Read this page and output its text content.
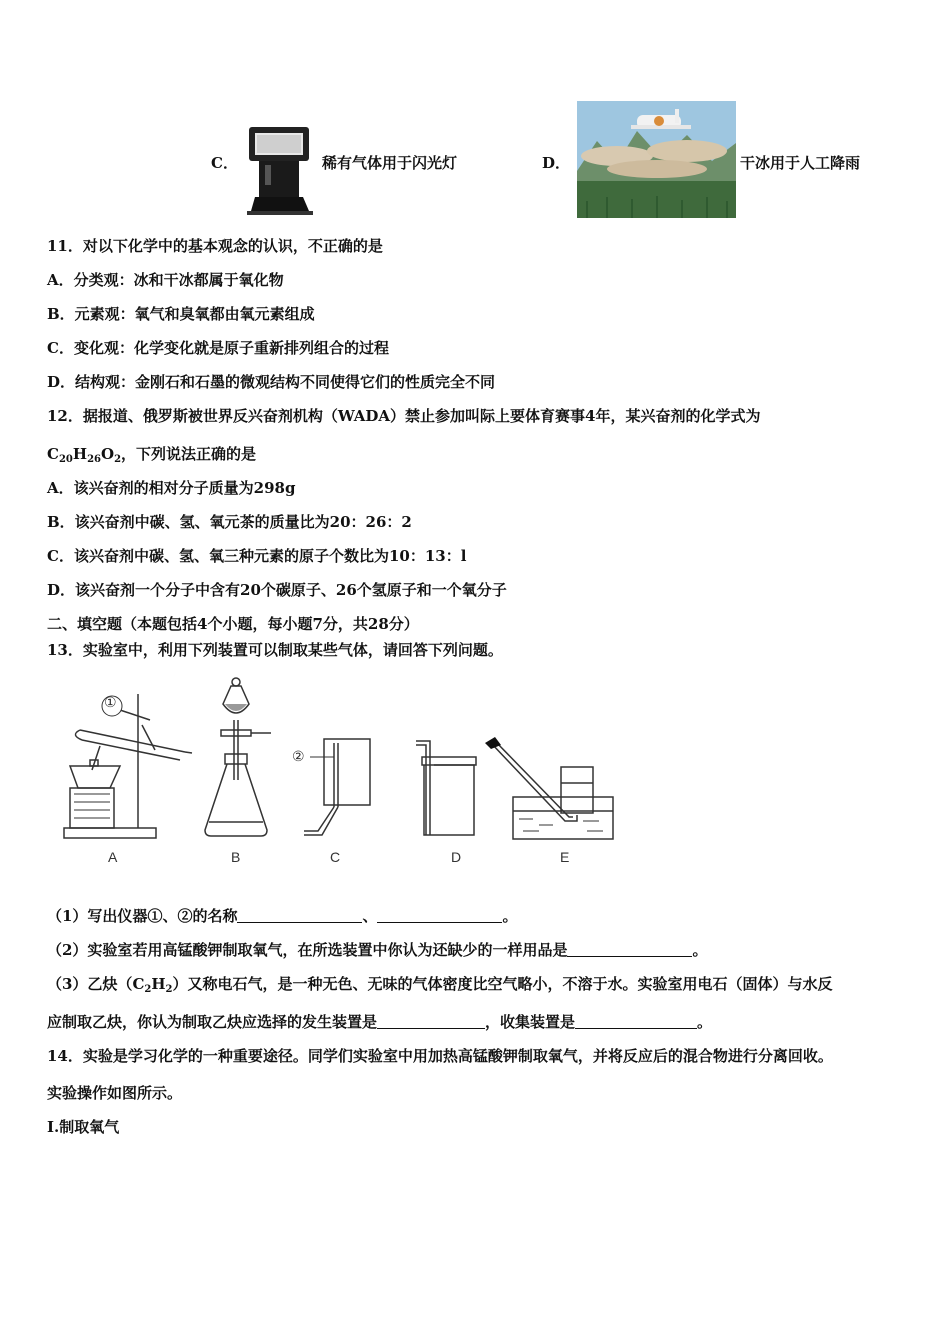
C．	稀有气体用于闪光灯	D．	干冰用于人工降雨
11．对以下化学中的基本观念的认识，不正确的是
A．分类观：冰和干冰都属于氧化物
B．元素观：氧气和臭氧都由氧元素组成
C．变化观：化学变化就是原子重新排列组合的过程
D．结构观：金刚石和石墨的微观结构不同使得它们的性质完全不同
12．据报道、俄罗斯被世界反兴奋剂机构（WADA）禁止参加叫际上要体育赛事4年，某兴奋剂的化学式为
$C_{20}H_{26}O_2$，下列说法正确的是
A．该兴奋剂的相对分子质量为298g
B．该兴奋剂中碳、氢、氧元茶的质量比为20：26：2
C．该兴奋剂中碳、氢、氧三种元素的原子个数比为10：13：l
D．该兴奋剂一个分子中含有20个碳原子、26个氢原子和一个氧分子
二、填空题（本题包括4个小题，每小题7分，共28分）
13．实验室中，利用下列装置可以制取某些气体，请回答下列问题。
①
A	B
②
C	D	E
（1）写出仪器①、②的名称	、	。
（2）实验室若用高锰酸钾制取氧气，在所选装置中你认为还缺少的一样用品是	。
（3）乙炔$(C_2H_2)$又称电石气，是一种无色、无味的气体密度比空气略小，不溶于水。实验室用电石（固体）与水反
应制取乙炔，你认为制取乙炔应选择的发生装置是	，收集装置是	。
14．实验是学习化学的一种重要途径。同学们实验室中用加热高锰酸钾制取氧气，并将反应后的混合物进行分离回收。
实验操作如图所示。
Ⅰ.制取氧气
